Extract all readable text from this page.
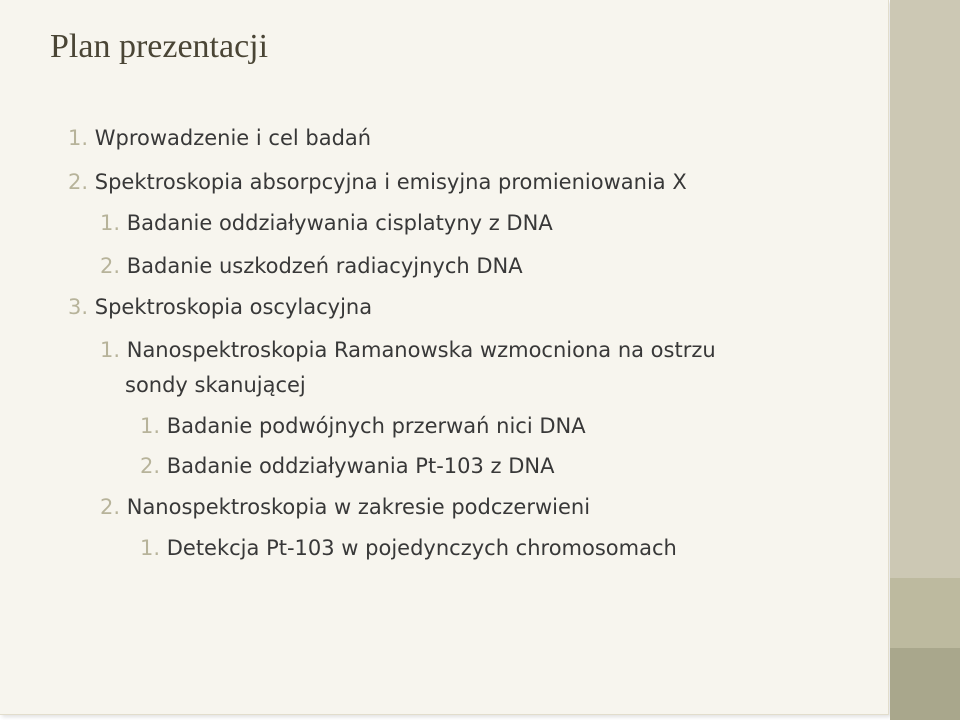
Plan prezentacji
1. Wprowadzenie i cel badań
2. Spektroskopia absorpcyjna i emisyjna promieniowania X
1. Badanie oddziaływania cisplatyny z DNA
2. Badanie uszkodzeń radiacyjnych DNA
3. Spektroskopia oscylacyjna
1. Nanospektroskopia Ramanowska wzmocniona na ostrzu
sondy skanującej
1. Badanie podwójnych przerwań nici DNA
2. Badanie oddziaływania Pt-103 z DNA
2. Nanospektroskopia w zakresie podczerwieni
1. Detekcja Pt-103 w pojedynczych chromosomach
